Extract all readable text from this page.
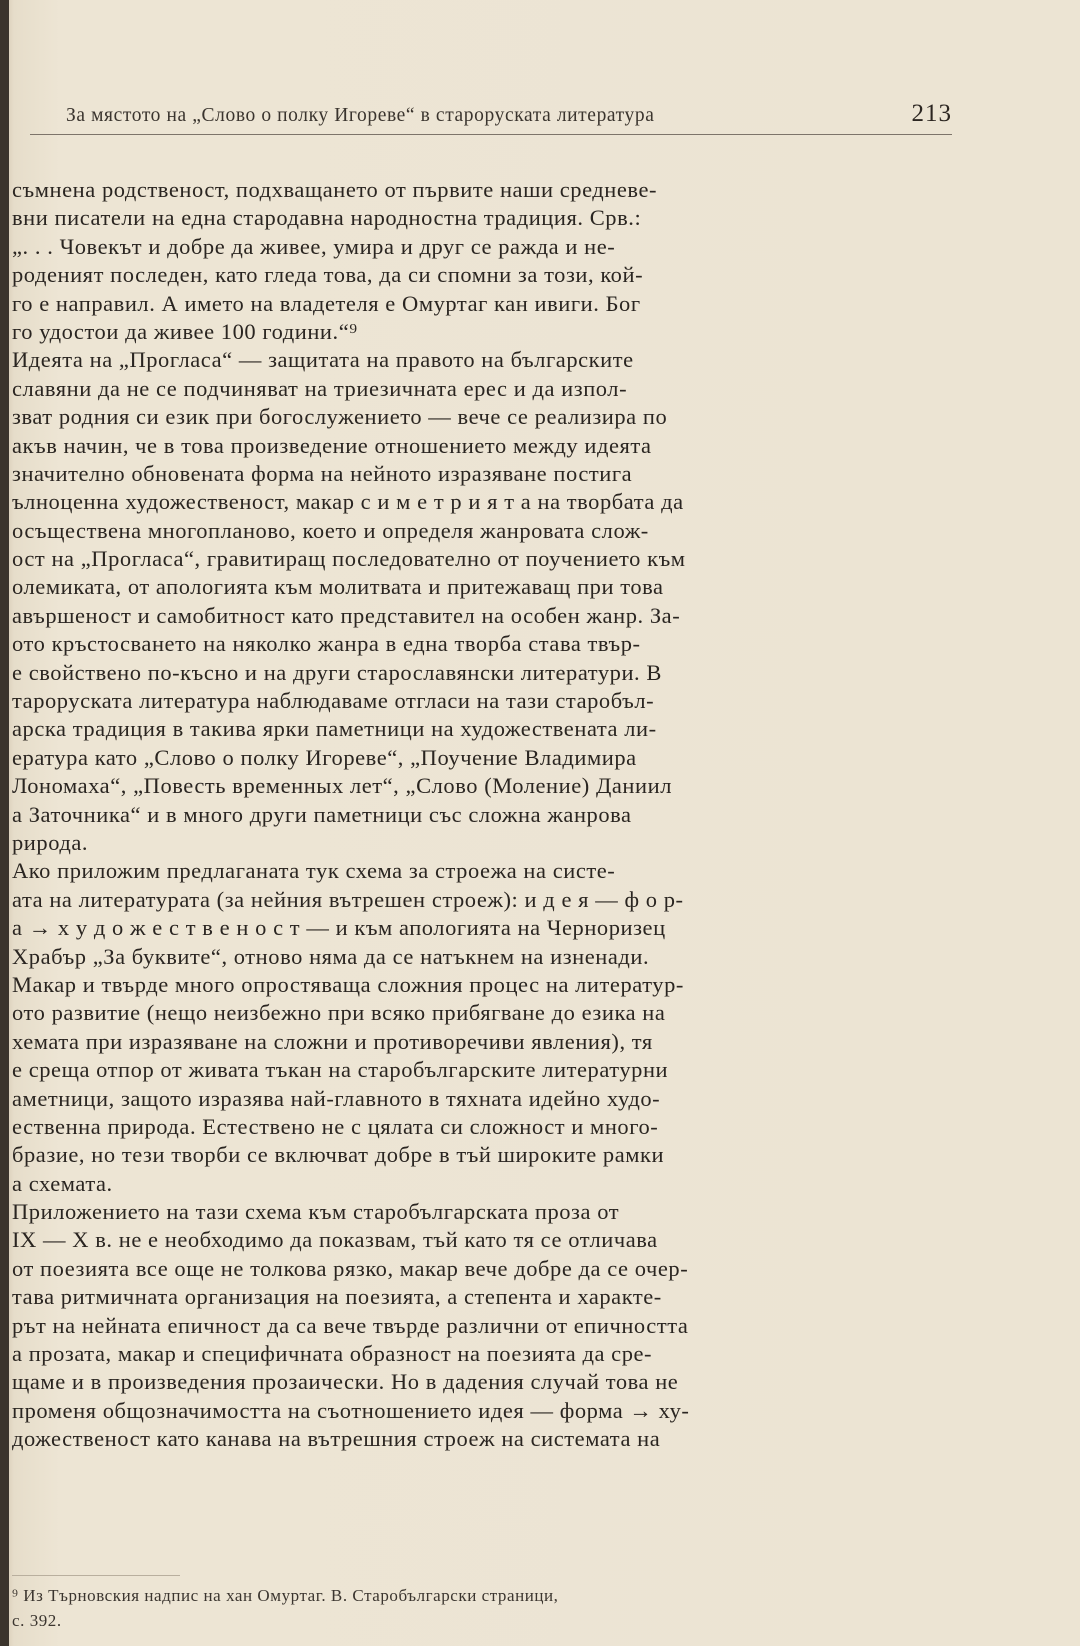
За мястото на „Слово о полку Игореве“ в староруската литература	213
съмнена родственост, подхващането от първите наши средневе-
вни писатели на една стародавна народностна традиция. Срв.:
„. . . Човекът и добре да живее, умира и друг се ражда и не-
роденият последен, като гледа това, да си спомни за този, кой-
го е направил. А името на владетеля е Омуртаг кан ивиги. Бог
го удостои да живее 100 години.“⁹
Идеята на „Прогласа“ — защитата на правото на българските
славяни да не се подчиняват на триезичната ерес и да изпол-
зват родния си език при богослужението — вече се реализира по
акъв начин, че в това произведение отношението между идеята
значително обновената форма на нейното изразяване постига
ълноценна художественост, макар с и м е т р и я т а на творбата да
осъществена многопланово, което и определя жанровата слож-
ост на „Прогласа“, гравитиращ последователно от поучението към
олемиката, от апологията към молитвата и притежаващ при това
авършеност и самобитност като представител на особен жанр. За-
ото кръстосването на няколко жанра в една творба става твър-
е свойствено по-късно и на други старославянски литератури. В
тароруската литература наблюдаваме отгласи на тази старобъл-
арска традиция в такива ярки паметници на художествената ли-
ература като „Слово о полку Игореве“, „Поучение Владимира
Лономаха“, „Повесть временных лет“, „Слово (Моление) Даниил
а Заточника“ и в много други паметници със сложна жанрова
рирода.
Ако приложим предлаганата тук схема за строежа на систе-
ата на литературата (за нейния вътрешен строеж): и д е я — ф о р-
а → х у д о ж е с т в е н о с т — и към апологията на Черноризец
Храбър „За буквите“, отново няма да се натъкнем на изненади.
Макар и твърде много опростяваща сложния процес на литератур-
ото развитие (нещо неизбежно при всяко прибягване до езика на
хемата при изразяване на сложни и противоречиви явления), тя
е среща отпор от живата тъкан на старобългарските литературни
аметници, защото изразява най-главното в тяхната идейно худо-
ественна природа. Естествено не с цялата си сложност и много-
бразие, но тези творби се включват добре в тъй широките рамки
а схемата.
Приложението на тази схема към старобългарската проза от
IX — X в. не е необходимо да показвам, тъй като тя се отличава
от поезията все още не толкова рязко, макар вече добре да се очер-
тава ритмичната организация на поезията, а степента и характе-
рът на нейната епичност да са вече твърде различни от епичността
а прозата, макар и специфичната образност на поезията да сре-
щаме и в произведения прозаически. Но в дадения случай това не
променя общозначимостта на съотношението идея — форма → ху-
дожественост като канава на вътрешния строеж на системата на
⁹ Из Търновския надпис на хан Омуртаг. В. Старобългарски страници,
с. 392.
